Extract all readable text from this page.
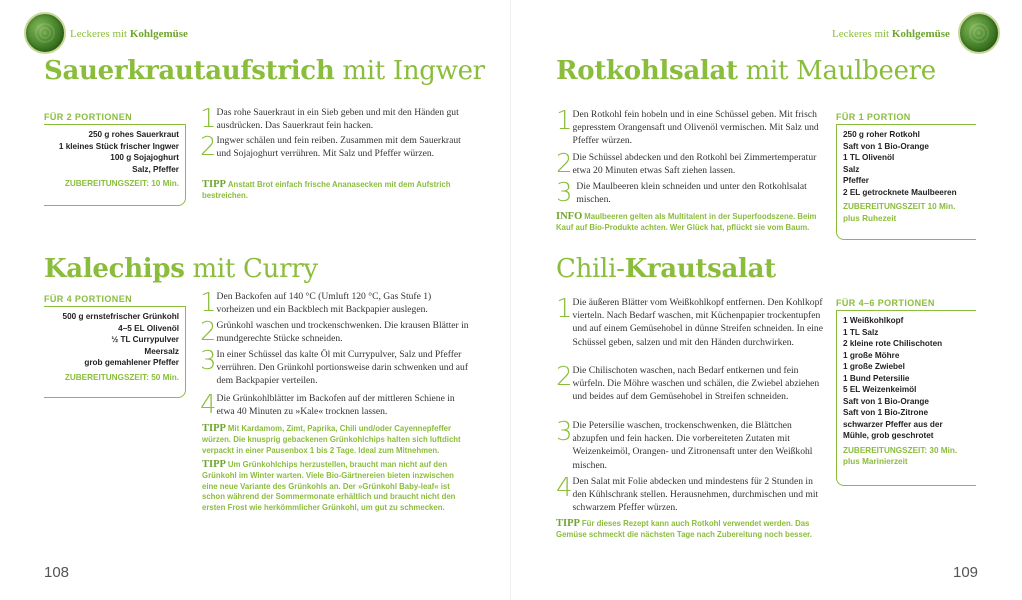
Leckeres mit Kohlgemüse	Leckeres mit Kohlgemüse
Sauerkrautaufstrich mit Ingwer
FÜR 2 PORTIONEN
250 g rohes Sauerkraut
1 kleines Stück frischer Ingwer
100 g Sojajoghurt
Salz, Pfeffer
ZUBEREITUNGSZEIT: 10 Min.
1 Das rohe Sauerkraut in ein Sieb geben und mit den Händen gut ausdrücken. Das Sauerkraut fein hacken.
2 Ingwer schälen und fein reiben. Zusammen mit dem Sauerkraut und Sojajoghurt verrühren. Mit Salz und Pfeffer würzen.
TIPP Anstatt Brot einfach frische Ananasecken mit dem Aufstrich bestreichen.
Kalechips mit Curry
FÜR 4 PORTIONEN
500 g ernstefrischer Grünkohl
4–5 EL Olivenöl
½ TL Currypulver
Meersalz
grob gemahlener Pfeffer
ZUBEREITUNGSZEIT: 50 Min.
1 Den Backofen auf 140 °C (Umluft 120 °C, Gas Stufe 1) vorheizen und ein Backblech mit Backpapier auslegen.
2 Grünkohl waschen und trockenschwenken. Die krausen Blätter in mundgerechte Stücke schneiden.
3 In einer Schüssel das kalte Öl mit Currypulver, Salz und Pfeffer verrühren. Den Grünkohl portionsweise darin schwenken und auf dem Backpapier verteilen.
4 Die Grünkohlblätter im Backofen auf der mittleren Schiene in etwa 40 Minuten zu »Kale« trocknen lassen.
TIPP Mit Kardamom, Zimt, Paprika, Chili und/oder Cayennepfeffer würzen. Die knusprig gebackenen Grünkohlchips halten sich luftdicht verpackt in einer Pausenbox 1 bis 2 Tage. Ideal zum Mitnehmen.
TIPP Um Grünkohlchips herzustellen, braucht man nicht auf den Grünkohl im Winter warten. Viele Bio-Gärtnereien bieten inzwischen eine neue Variante des Grünkohls an. Der »Grünkohl Baby-leaf« ist schon während der Sommermonate erhältlich und braucht nicht den ersten Frost wie herkömmlicher Grünkohl, um gut zu schmecken.
Rotkohlsalat mit Maulbeere
1 Den Rotkohl fein hobeln und in eine Schüssel geben. Mit frisch gepresstem Orangensaft und Olivenöl vermischen. Mit Salz und Pfeffer würzen.
2 Die Schüssel abdecken und den Rotkohl bei Zimmertemperatur etwa 20 Minuten etwas Saft ziehen lassen.
3 Die Maulbeeren klein schneiden und unter den Rotkohlsalat mischen.
INFO Maulbeeren gelten als Multitalent in der Superfoodszene. Beim Kauf auf Bio-Produkte achten. Wer Glück hat, pflückt sie vom Baum.
FÜR 1 PORTION
250 g roher Rotkohl
Saft von 1 Bio-Orange
1 TL Olivenöl
Salz
Pfeffer
2 EL getrocknete Maulbeeren
ZUBEREITUNGSZEIT 10 Min. plus Ruhezeit
Chili-Krautsalat
1 Die äußeren Blätter vom Weißkohlkopf entfernen. Den Kohlkopf vierteln. Nach Bedarf waschen, mit Küchenpapier trockentupfen und auf einem Gemüsehobel in dünne Streifen schneiden. In eine Schüssel geben, salzen und mit den Händen durchwirken.
2 Die Chilischoten waschen, nach Bedarf entkernen und fein würfeln. Die Möhre waschen und schälen, die Zwiebel abziehen und beides auf dem Gemüsehobel in Streifen schneiden.
3 Die Petersilie waschen, trockenschwenken, die Blättchen abzupfen und fein hacken. Die vorbereiteten Zutaten mit Weizenkeimöl, Orangen- und Zitronensaft unter den Weißkohl mischen.
4 Den Salat mit Folie abdecken und mindestens für 2 Stunden in den Kühlschrank stellen. Herausnehmen, durchmischen und mit schwarzem Pfeffer würzen.
TIPP Für dieses Rezept kann auch Rotkohl verwendet werden. Das Gemüse schmeckt die nächsten Tage nach Zubereitung noch besser.
FÜR 4–6 PORTIONEN
1 Weißkohlkopf
1 TL Salz
2 kleine rote Chilischoten
1 große Möhre
1 große Zwiebel
1 Bund Petersilie
5 EL Weizenkeimöl
Saft von 1 Bio-Orange
Saft von 1 Bio-Zitrone
schwarzer Pfeffer aus der Mühle, grob geschrotet
ZUBEREITUNGSZEIT: 30 Min. plus Marinierzeit
108	109
